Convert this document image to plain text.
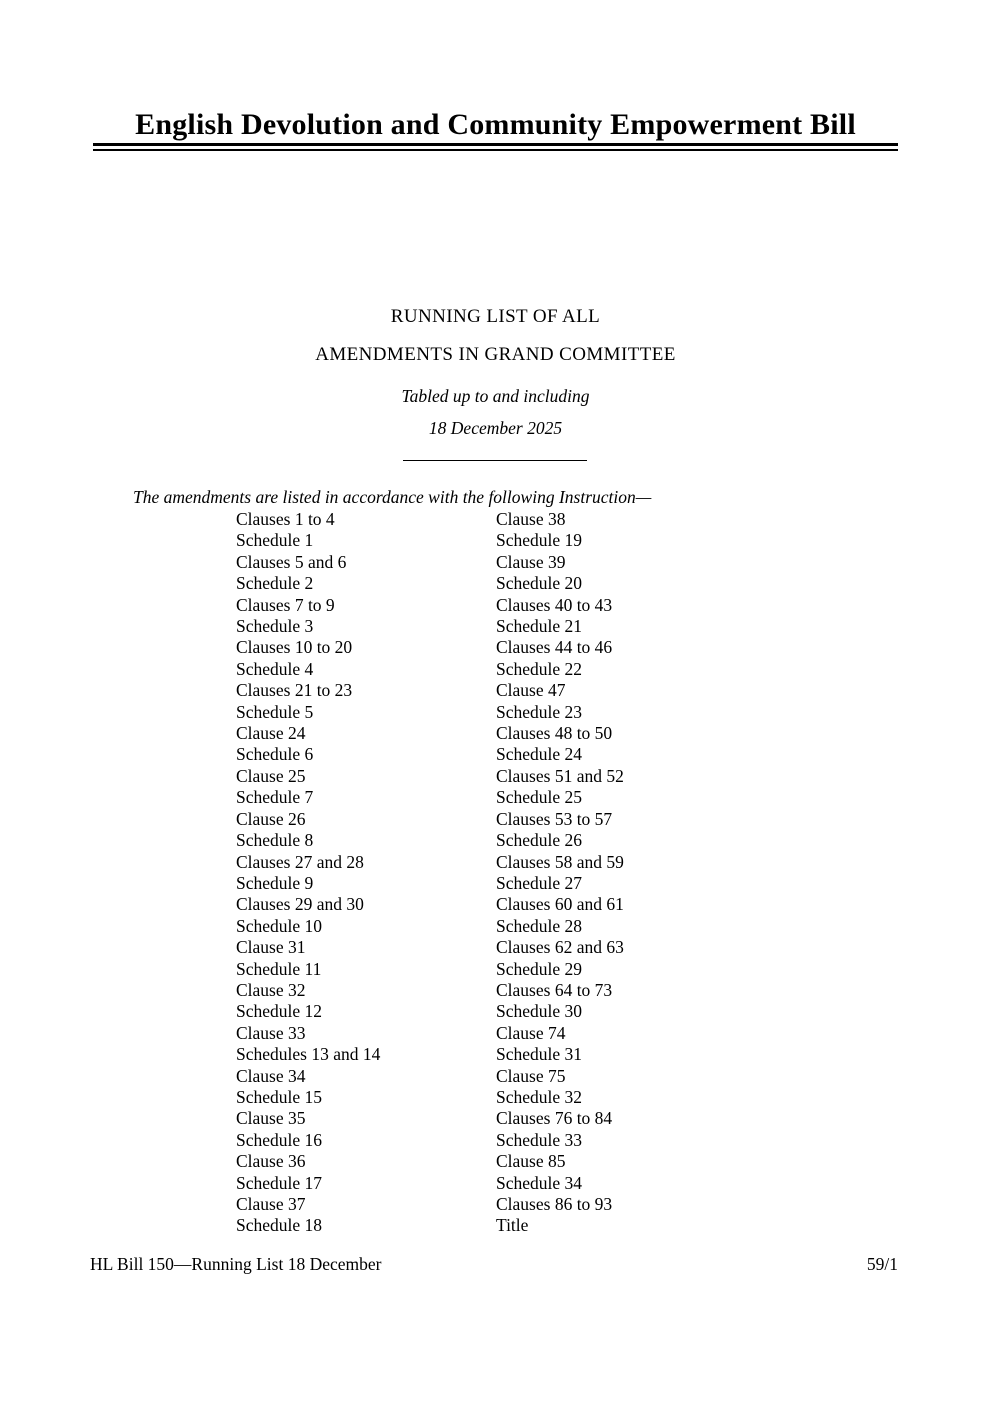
English Devolution and Community Empowerment Bill
RUNNING LIST OF ALL
AMENDMENTS IN GRAND COMMITTEE
Tabled up to and including
18 December 2025
The amendments are listed in accordance with the following Instruction—
Clauses 1 to 4
Schedule 1
Clauses 5 and 6
Schedule 2
Clauses 7 to 9
Schedule 3
Clauses 10 to 20
Schedule 4
Clauses 21 to 23
Schedule 5
Clause 24
Schedule 6
Clause 25
Schedule 7
Clause 26
Schedule 8
Clauses 27 and 28
Schedule 9
Clauses 29 and 30
Schedule 10
Clause 31
Schedule 11
Clause 32
Schedule 12
Clause 33
Schedules 13 and 14
Clause 34
Schedule 15
Clause 35
Schedule 16
Clause 36
Schedule 17
Clause 37
Schedule 18
Clause 38
Schedule 19
Clause 39
Schedule 20
Clauses 40 to 43
Schedule 21
Clauses 44 to 46
Schedule 22
Clause 47
Schedule 23
Clauses 48 to 50
Schedule 24
Clauses 51 and 52
Schedule 25
Clauses 53 to 57
Schedule 26
Clauses 58 and 59
Schedule 27
Clauses 60 and 61
Schedule 28
Clauses 62 and 63
Schedule 29
Clauses 64 to 73
Schedule 30
Clause 74
Schedule 31
Clause 75
Schedule 32
Clauses 76 to 84
Schedule 33
Clause 85
Schedule 34
Clauses 86 to 93
Title
HL Bill 150—Running List 18 December	59/1
